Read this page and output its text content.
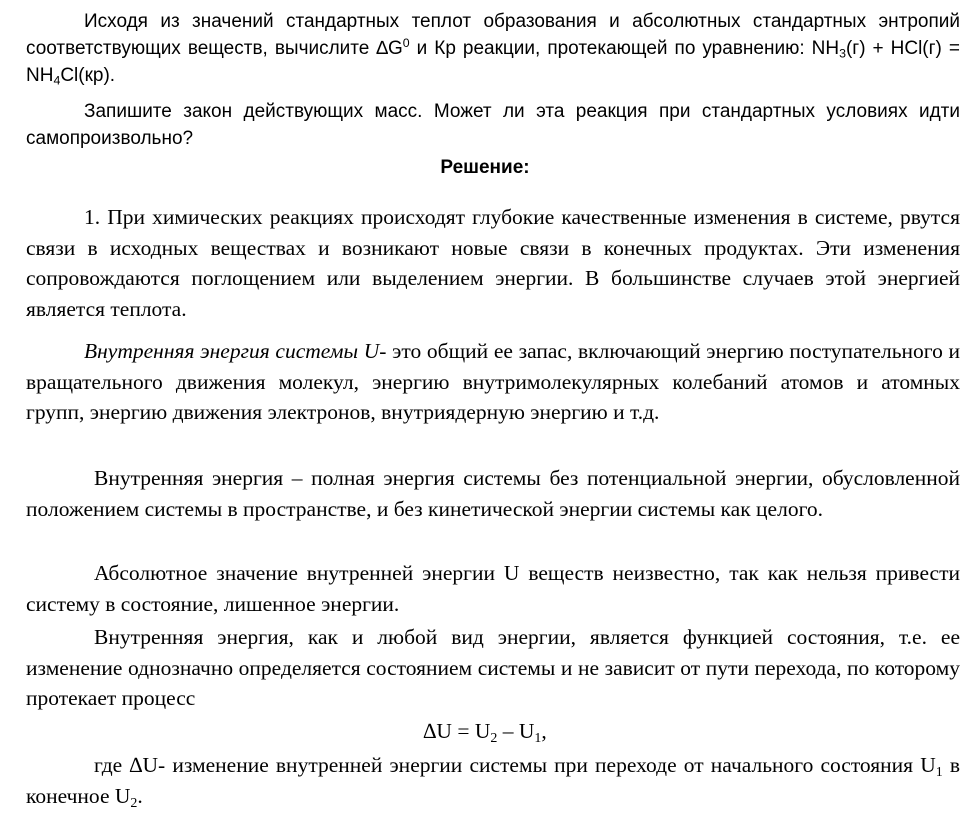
Исходя из значений стандартных теплот образования и абсолютных стандартных энтропий соответствующих веществ, вычислите $\Delta G^0$ и Кр реакции, протекающей по уравнению: $NH_3(г) + HCl(г) = NH_4Cl(кр)$.

Запишите закон действующих масс. Может ли эта реакция при стандартных условиях идти самопроизвольно?

Решение:

1. При химических реакциях происходят глубокие качественные изменения в системе, рвутся связи в исходных веществах и возникают новые связи в конечных продуктах. Эти изменения сопровождаются поглощением или выделением энергии. В большинстве случаев этой энергией является теплота.

Внутренняя энергия системы U- это общий ее запас, включающий энергию поступательного и вращательного движения молекул, энергию внутримолекулярных колебаний атомов и атомных групп, энергию движения электронов, внутриядерную энергию и т.д.

Внутренняя энергия – полная энергия системы без потенциальной энергии, обусловленной положением системы в пространстве, и без кинетической энергии системы как целого.

Абсолютное значение внутренней энергии U веществ неизвестно, так как нельзя привести систему в состояние, лишенное энергии.

Внутренняя энергия, как и любой вид энергии, является функцией состояния, т.е. ее изменение однозначно определяется состоянием системы и не зависит от пути перехода, по которому протекает процесс

$\Delta U = U_2 - U_1$,

где ∆U- изменение внутренней энергии системы при переходе от начального состояния $U_1$ в конечное $U_2$.
